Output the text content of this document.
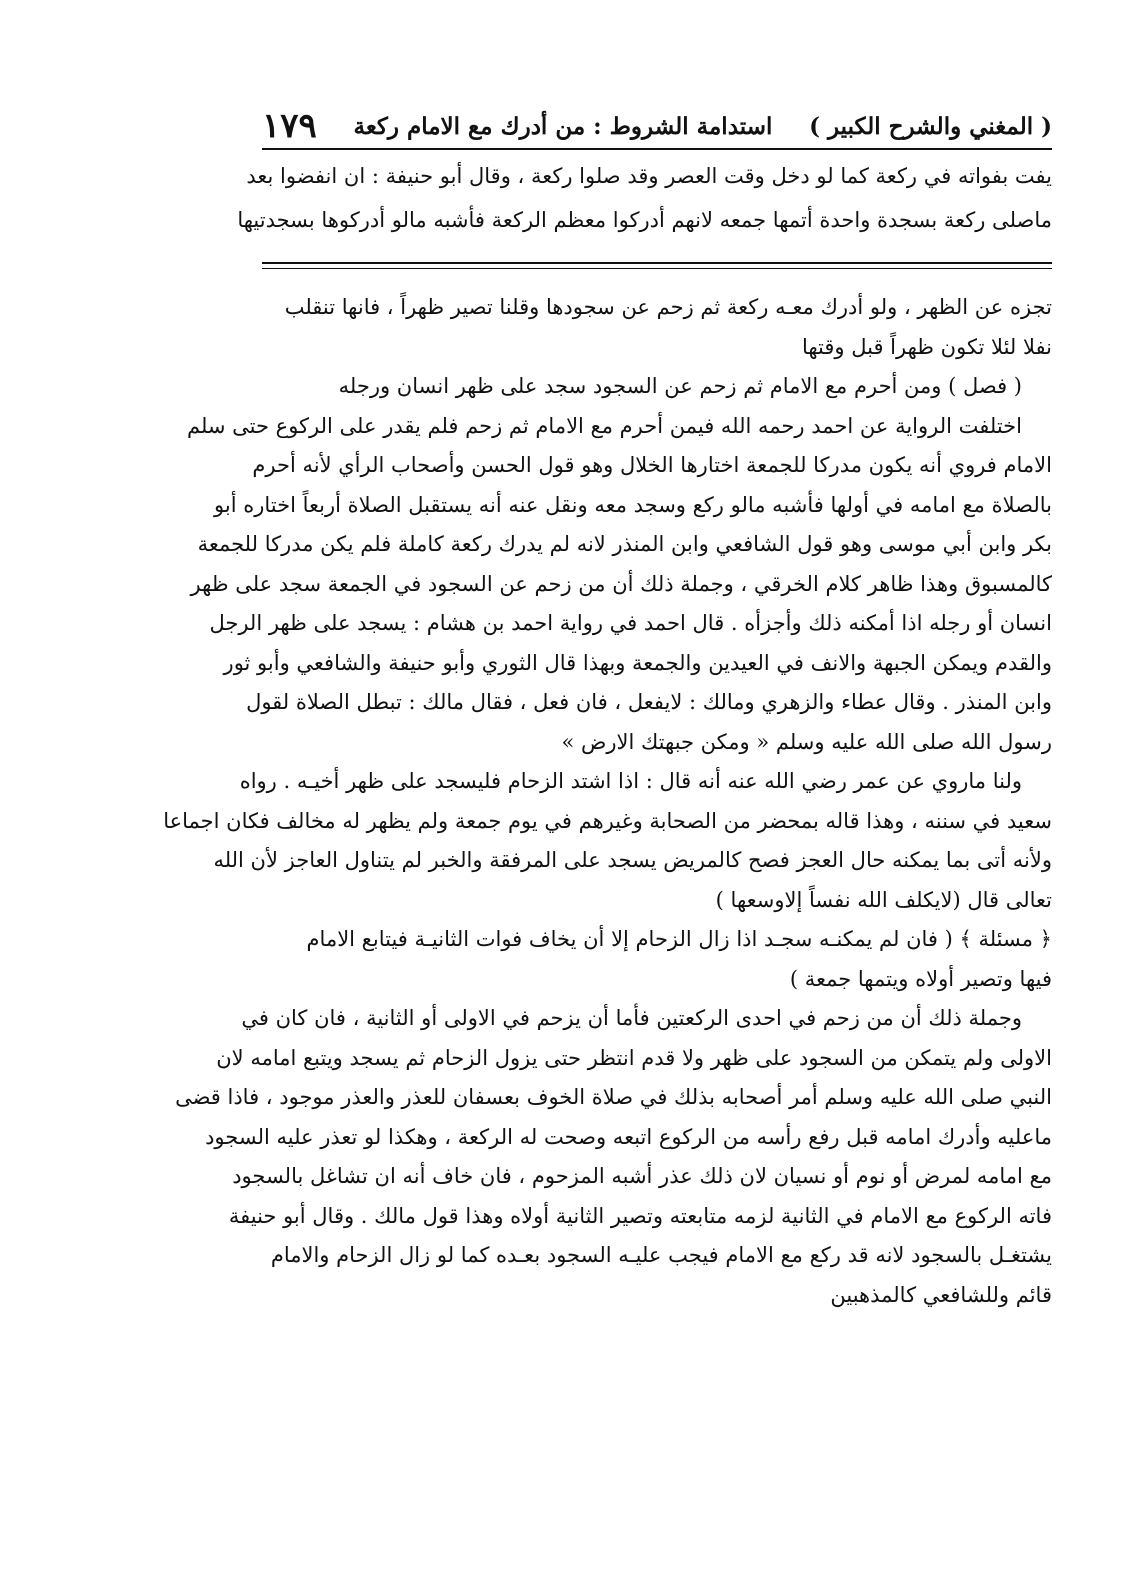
( المغني والشرح الكبير )
استدامة الشروط : من أدرك مع الامام ركعة
١٧٩

يفت بفواته في ركعة كما لو دخل وقت العصر وقد صلوا ركعة ، وقال أبو حنيفة : ان انفضوا بعد

ماصلى ركعة بسجدة واحدة أتمها جمعه لانهم أدركوا معظم الركعة فأشبه مالو أدركوها بسجدتيها

تجزه عن الظهر ، ولو أدرك معـه ركعة ثم زحم عن سجودها وقلنا تصير ظهراً ، فانها تنقلب

نفلا لئلا تكون ظهراً قبل وقتها

( فصل ) ومن أحرم مع الامام ثم زحم عن السجود سجد على ظهر انسان ورجله

اختلفت الرواية عن احمد رحمه الله فيمن أحرم مع الامام ثم زحم فلم يقدر على الركوع حتى سلم

الامام فروي أنه يكون مدركا للجمعة اختارها الخلال وهو قول الحسن وأصحاب الرأي لأنه أحرم

بالصلاة مع امامه في أولها فأشبه مالو ركع وسجد معه ونقل عنه أنه يستقبل الصلاة أربعاً اختاره أبو

بكر وابن أبي موسى وهو قول الشافعي وابن المنذر لانه لم يدرك ركعة كاملة فلم يكن مدركا للجمعة

كالمسبوق وهذا ظاهر كلام الخرقي ، وجملة ذلك أن من زحم عن السجود في الجمعة سجد على ظهر

انسان أو رجله اذا أمكنه ذلك وأجزأه . قال احمد في رواية احمد بن هشام : يسجد على ظهر الرجل

والقدم ويمكن الجبهة والانف في العيدين والجمعة وبهذا قال الثوري وأبو حنيفة والشافعي وأبو ثور

وابن المنذر . وقال عطاء والزهري ومالك : لايفعل ، فان فعل ، فقال مالك : تبطل الصلاة لقول

رسول الله صلى الله عليه وسلم « ومكن جبهتك الارض »

ولنا ماروي عن عمر رضي الله عنه أنه قال : اذا اشتد الزحام فليسجد على ظهر أخيـه . رواه

سعيد في سننه ، وهذا قاله بمحضر من الصحابة وغيرهم في يوم جمعة ولم يظهر له مخالف فكان اجماعا

ولأنه أتى بما يمكنه حال العجز فصح كالمريض يسجد على المرفقة والخبر لم يتناول العاجز لأن الله

تعالى قال (لايكلف الله نفساً إلاوسعها )

﴿ مسئلة ﴾ ( فان لم يمكنـه سجـد اذا زال الزحام إلا أن يخاف فوات الثانيـة فيتابع الامام

فيها وتصير أولاه ويتمها جمعة )

وجملة ذلك أن من زحم في احدى الركعتين فأما أن يزحم في الاولى أو الثانية ، فان كان في

الاولى ولم يتمكن من السجود على ظهر ولا قدم انتظر حتى يزول الزحام ثم يسجد ويتبع امامه لان

النبي صلى الله عليه وسلم أمر أصحابه بذلك في صلاة الخوف بعسفان للعذر والعذر موجود ، فاذا قضى

ماعليه وأدرك امامه قبل رفع رأسه من الركوع اتبعه وصحت له الركعة ، وهكذا لو تعذر عليه السجود

مع امامه لمرض أو نوم أو نسيان لان ذلك عذر أشبه المزحوم ، فان خاف أنه ان تشاغل بالسجود

فاته الركوع مع الامام في الثانية لزمه متابعته وتصير الثانية أولاه وهذا قول مالك . وقال أبو حنيفة

يشتغـل بالسجود لانه قد ركع مع الامام فيجب عليـه السجود بعـده كما لو زال الزحام والامام

قائم وللشافعي كالمذهبين
